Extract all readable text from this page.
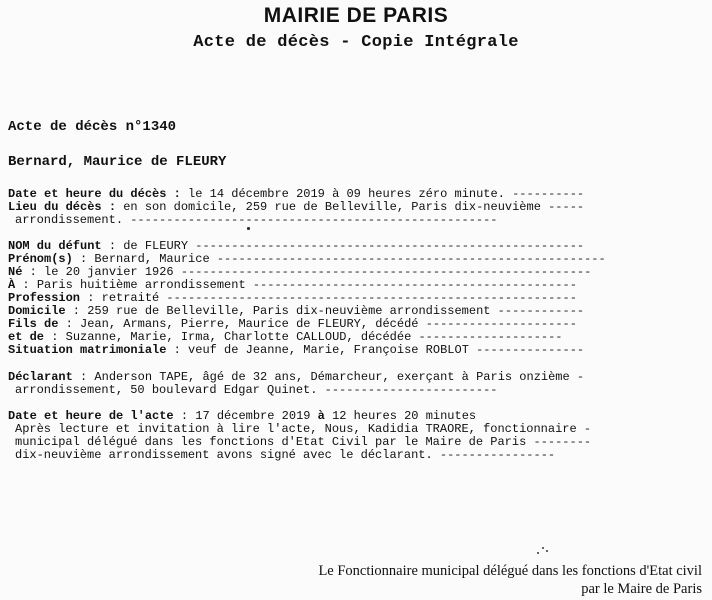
MAIRIE DE PARIS
Acte de décès - Copie Intégrale

Acte de décès n°1340

Bernard, Maurice de FLEURY

Date et heure du décès : le 14 décembre 2019 à 09 heures zéro minute. ----------

Lieu du décès : en son domicile, 259 rue de Belleville, Paris dix-neuvième -----

arrondissement. ---------------------------------------------------

NOM du défunt : de FLEURY ------------------------------------------------------

Prénom(s) : Bernard, Maurice ------------------------------------------------------

Né : le 20 janvier 1926 ---------------------------------------------------------

À : Paris huitième arrondissement ---------------------------------------------

Profession : retraité ---------------------------------------------------------

Domicile : 259 rue de Belleville, Paris dix-neuvième arrondissement ------------

Fils de : Jean, Armans, Pierre, Maurice de FLEURY, décédé ---------------------

et de : Suzanne, Marie, Irma, Charlotte CALLOUD, décédée --------------------

Situation matrimoniale : veuf de Jeanne, Marie, Françoise ROBLOT ---------------

Déclarant : Anderson TAPE, âgé de 32 ans, Démarcheur, exerçant à Paris onzième -

arrondissement, 50 boulevard Edgar Quinet. ------------------------

Date et heure de l'acte : 17 décembre 2019 à 12 heures 20 minutes

Après lecture et invitation à lire l'acte, Nous, Kadidia TRAORE, fonctionnaire -

municipal délégué dans les fonctions d'Etat Civil par le Maire de Paris --------

dix-neuvième arrondissement avons signé avec le déclarant. ----------------

Le Fonctionnaire municipal délégué dans les fonctions d'Etat civil
par le Maire de Paris
